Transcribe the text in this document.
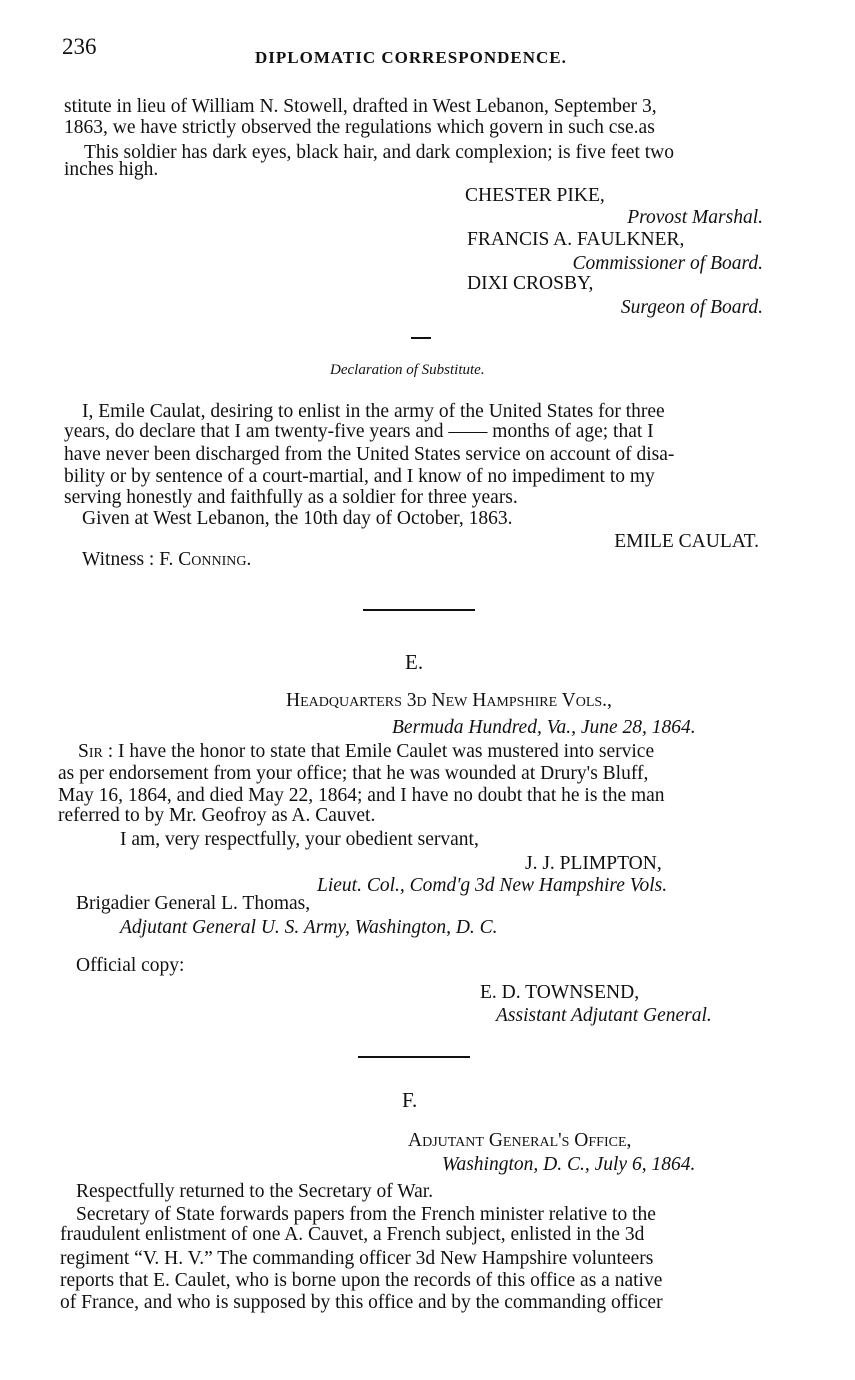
236	DIPLOMATIC CORRESPONDENCE.
stitute in lieu of William N. Stowell, drafted in West Lebanon, September 3,
1863, we have strictly observed the regulations which govern in such cse.as
This soldier has dark eyes, black hair, and dark complexion; is five feet two
inches high.
CHESTER PIKE,
Provost Marshal.
FRANCIS A. FAULKNER,
Commissioner of Board.
DIXI CROSBY,
Surgeon of Board.
Declaration of Substitute.
I, Emile Caulat, desiring to enlist in the army of the United States for three
years, do declare that I am twenty-five years and —— months of age; that I
have never been discharged from the United States service on account of disa-
bility or by sentence of a court-martial, and I know of no impediment to my
serving honestly and faithfully as a soldier for three years.
Given at West Lebanon, the 10th day of October, 1863.
EMILE CAULAT.
Witness : F. Conning.
E.
Headquarters 3d New Hampshire Vols.,
Bermuda Hundred, Va., June 28, 1864.
Sir : I have the honor to state that Emile Caulet was mustered into service
as per endorsement from your office; that he was wounded at Drury's Bluff,
May 16, 1864, and died May 22, 1864; and I have no doubt that he is the man
referred to by Mr. Geofroy as A. Cauvet.
I am, very respectfully, your obedient servant,
J. J. PLIMPTON,
Lieut. Col., Comd'g 3d New Hampshire Vols.
Brigadier General L. Thomas,
Adjutant General U. S. Army, Washington, D. C.
Official copy:
E. D. TOWNSEND,
Assistant Adjutant General.
F.
Adjutant General's Office,
Washington, D. C., July 6, 1864.
Respectfully returned to the Secretary of War.
Secretary of State forwards papers from the French minister relative to the
fraudulent enlistment of one A. Cauvet, a French subject, enlisted in the 3d
regiment “V. H. V.” The commanding officer 3d New Hampshire volunteers
reports that E. Caulet, who is borne upon the records of this office as a native
of France, and who is supposed by this office and by the commanding officer
